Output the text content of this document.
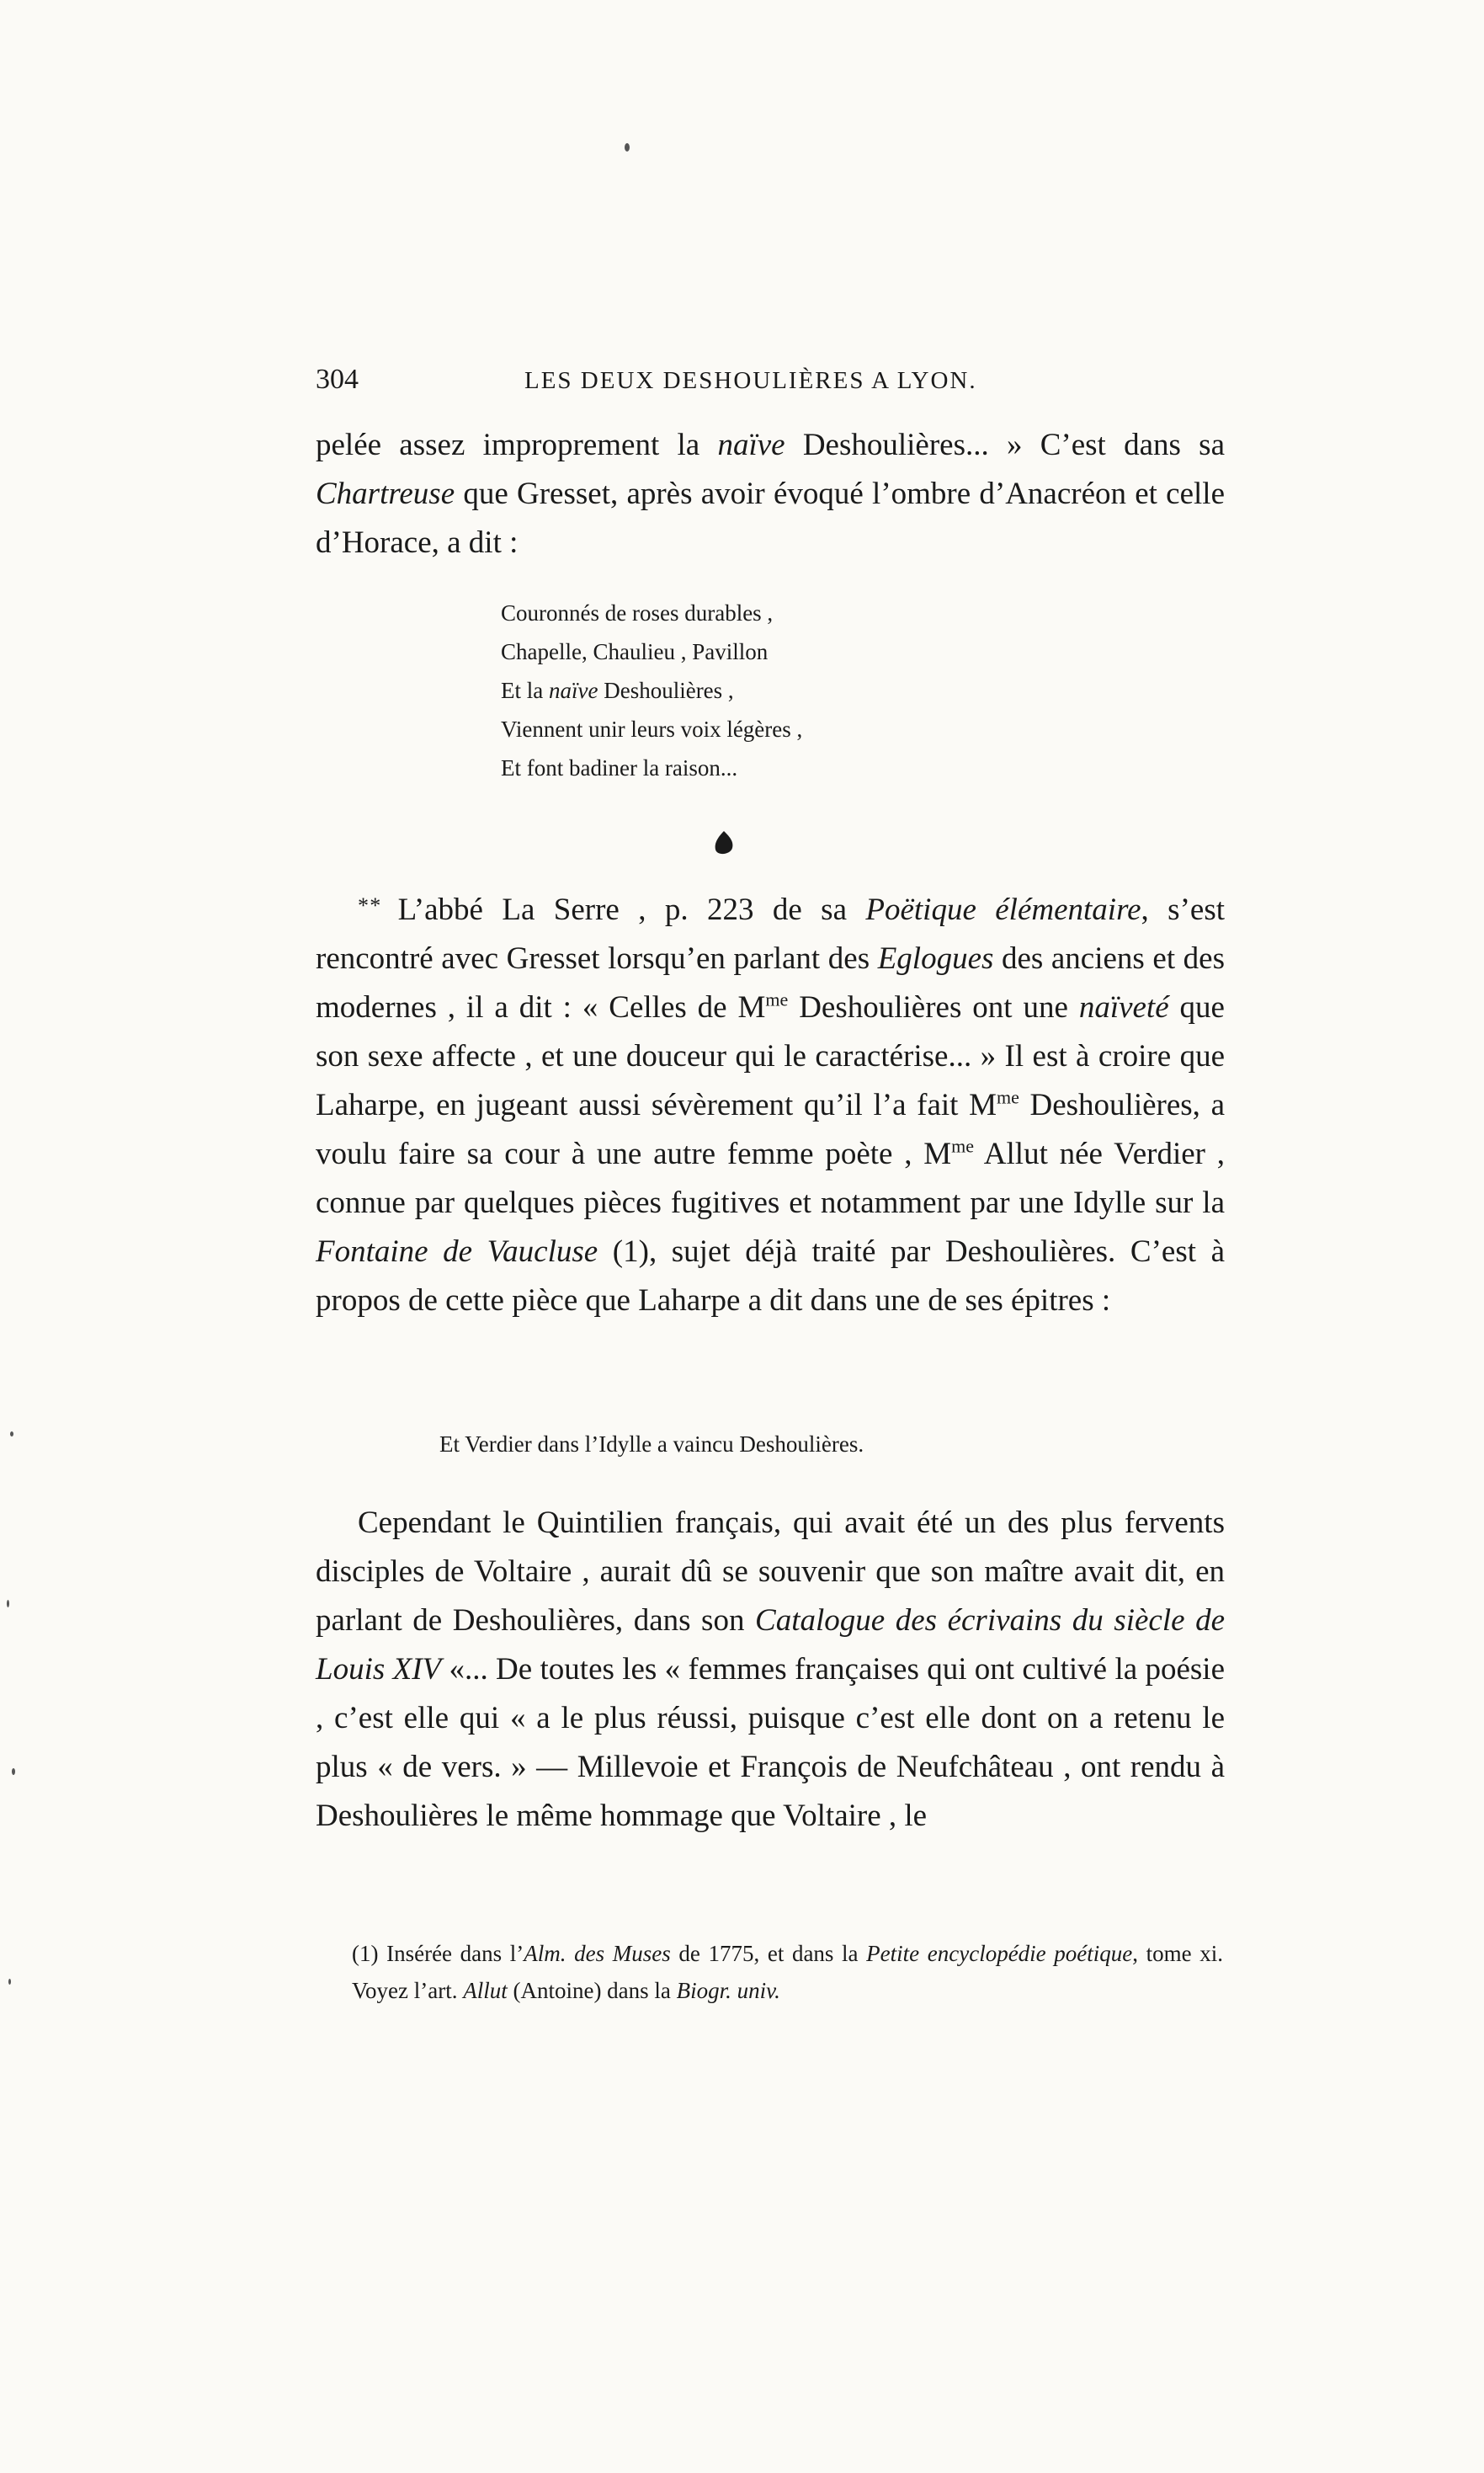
304	LES DEUX DESHOULIÈRES A LYON.

pelée assez improprement la naïve Deshoulières... » C’est dans sa Chartreuse que Gresset, après avoir évoqué l’ombre d’Anacréon et celle d’Horace, a dit :

Couronnés de roses durables ,
Chapelle, Chaulieu , Pavillon
Et la naïve Deshoulières ,
Viennent unir leurs voix légères ,
Et font badiner la raison...

* * L’abbé La Serre , p. 223 de sa Poëtique élémentaire, s’est rencontré avec Gresset lorsqu’en parlant des Eglogues des anciens et des modernes , il a dit : « Celles de $M^{me}$ Deshoulières ont une naïveté que son sexe affecte , et une douceur qui le caractérise... » Il est à croire que Laharpe, en jugeant aussi sévèrement qu’il l’a fait $M^{me}$ Deshoulières, a voulu faire sa cour à une autre femme poète , $M^{me}$ Allut née Verdier , connue par quelques pièces fugitives et notamment par une Idylle sur la Fontaine de Vaucluse (1), sujet déjà traité par Deshoulières. C’est à propos de cette pièce que Laharpe a dit dans une de ses épitres :

Et Verdier dans l’Idylle a vaincu Deshoulières.

Cependant le Quintilien français, qui avait été un des plus fervents disciples de Voltaire , aurait dû se souvenir que son maître avait dit, en parlant de Deshoulières, dans son Catalogue des écrivains du siècle de Louis XIV «... De toutes les « femmes françaises qui ont cultivé la poésie , c’est elle qui « a le plus réussi, puisque c’est elle dont on a retenu le plus « de vers. » — Millevoie et François de Neufchâteau , ont rendu à Deshoulières le même hommage que Voltaire , le

(1) Insérée dans l’Alm. des Muses de 1775, et dans la Petite encyclopédie poétique, tome xi. Voyez l’art. Allut (Antoine) dans la Biogr. univ.
